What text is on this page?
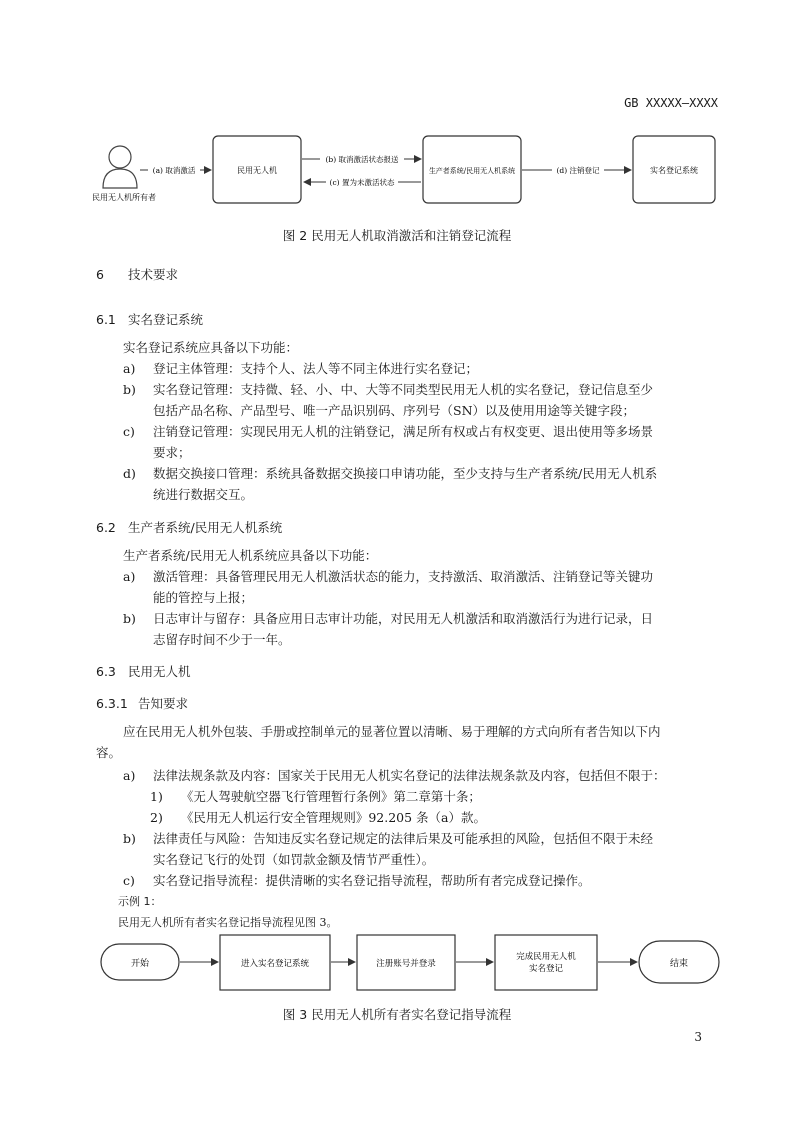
GB XXXXX—XXXX
民用无人机所有者
民用无人机	生产者系统/民用无人机系统	实名登记系统
(a) 取消激活
(b) 取消激活状态报送
(c) 置为未激活状态
(d) 注销登记
图 2 民用无人机取消激活和注销登记流程
6 技术要求
6.1 实名登记系统
实名登记系统应具备以下功能：
a) 登记主体管理：支持个人、法人等不同主体进行实名登记；
b) 实名登记管理：支持微、轻、小、中、大等不同类型民用无人机的实名登记，登记信息至少
包括产品名称、产品型号、唯一产品识别码、序列号（SN）以及使用用途等关键字段；
c) 注销登记管理：实现民用无人机的注销登记，满足所有权或占有权变更、退出使用等多场景
要求；
d) 数据交换接口管理：系统具备数据交换接口申请功能，至少支持与生产者系统/民用无人机系
统进行数据交互。
6.2 生产者系统/民用无人机系统
生产者系统/民用无人机系统应具备以下功能：
a) 激活管理：具备管理民用无人机激活状态的能力，支持激活、取消激活、注销登记等关键功
能的管控与上报；
b) 日志审计与留存：具备应用日志审计功能，对民用无人机激活和取消激活行为进行记录，日
志留存时间不少于一年。
6.3 民用无人机
6.3.1 告知要求
应在民用无人机外包装、手册或控制单元的显著位置以清晰、易于理解的方式向所有者告知以下内
容。
a) 法律法规条款及内容：国家关于民用无人机实名登记的法律法规条款及内容，包括但不限于：
1) 《无人驾驶航空器飞行管理暂行条例》第二章第十条；
2) 《民用无人机运行安全管理规则》92.205 条（a）款。
b) 法律责任与风险：告知违反实名登记规定的法律后果及可能承担的风险，包括但不限于未经
实名登记飞行的处罚（如罚款金额及情节严重性）。
c) 实名登记指导流程：提供清晰的实名登记指导流程，帮助所有者完成登记操作。
示例 1：
民用无人机所有者实名登记指导流程见图 3。
开始	进入实名登记系统	注册账号并登录
完成民用无人机
实名登记	结束
图 3 民用无人机所有者实名登记指导流程
3
